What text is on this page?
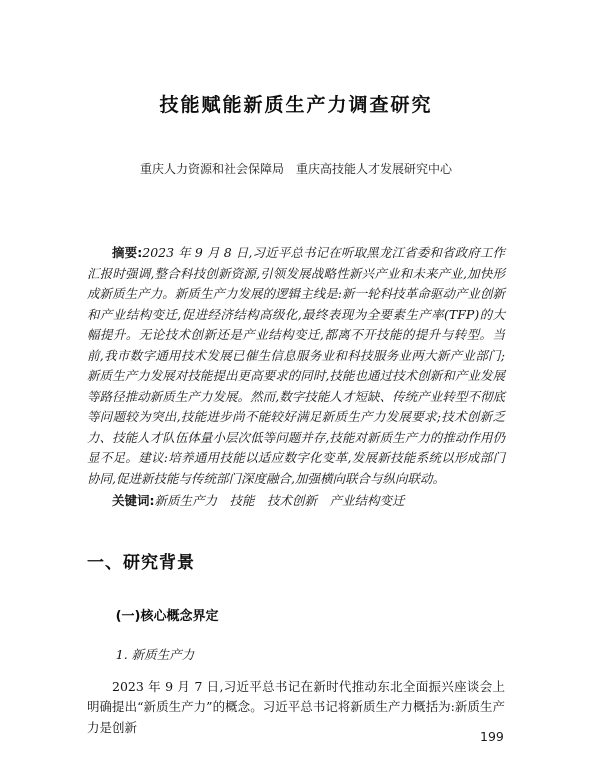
技能赋能新质生产力调查研究
重庆人力资源和社会保障局　重庆高技能人才发展研究中心

摘要:2023 年 9 月 8 日,习近平总书记在听取黑龙江省委和省政府工作汇报时强调,整合科技创新资源,引领发展战略性新兴产业和未来产业,加快形成新质生产力。新质生产力发展的逻辑主线是:新一轮科技革命驱动产业创新和产业结构变迁,促进经济结构高级化,最终表现为全要素生产率(TFP)的大幅提升。无论技术创新还是产业结构变迁,都离不开技能的提升与转型。当前,我市数字通用技术发展已催生信息服务业和科技服务业两大新产业部门;新质生产力发展对技能提出更高要求的同时,技能也通过技术创新和产业发展等路径推动新质生产力发展。然而,数字技能人才短缺、传统产业转型不彻底等问题较为突出,技能进步尚不能较好满足新质生产力发展要求;技术创新乏力、技能人才队伍体量小层次低等问题并存,技能对新质生产力的推动作用仍显不足。建议:培养通用技能以适应数字化变革,发展新技能系统以形成部门协同,促进新技能与传统部门深度融合,加强横向联合与纵向联动。

关键词:新质生产力　技能　技术创新　产业结构变迁

一、研究背景
(一)核心概念界定
1. 新质生产力

2023 年 9 月 7 日,习近平总书记在新时代推动东北全面振兴座谈会上明确提出“新质生产力”的概念。习近平总书记将新质生产力概括为:新质生产力是创新

199
